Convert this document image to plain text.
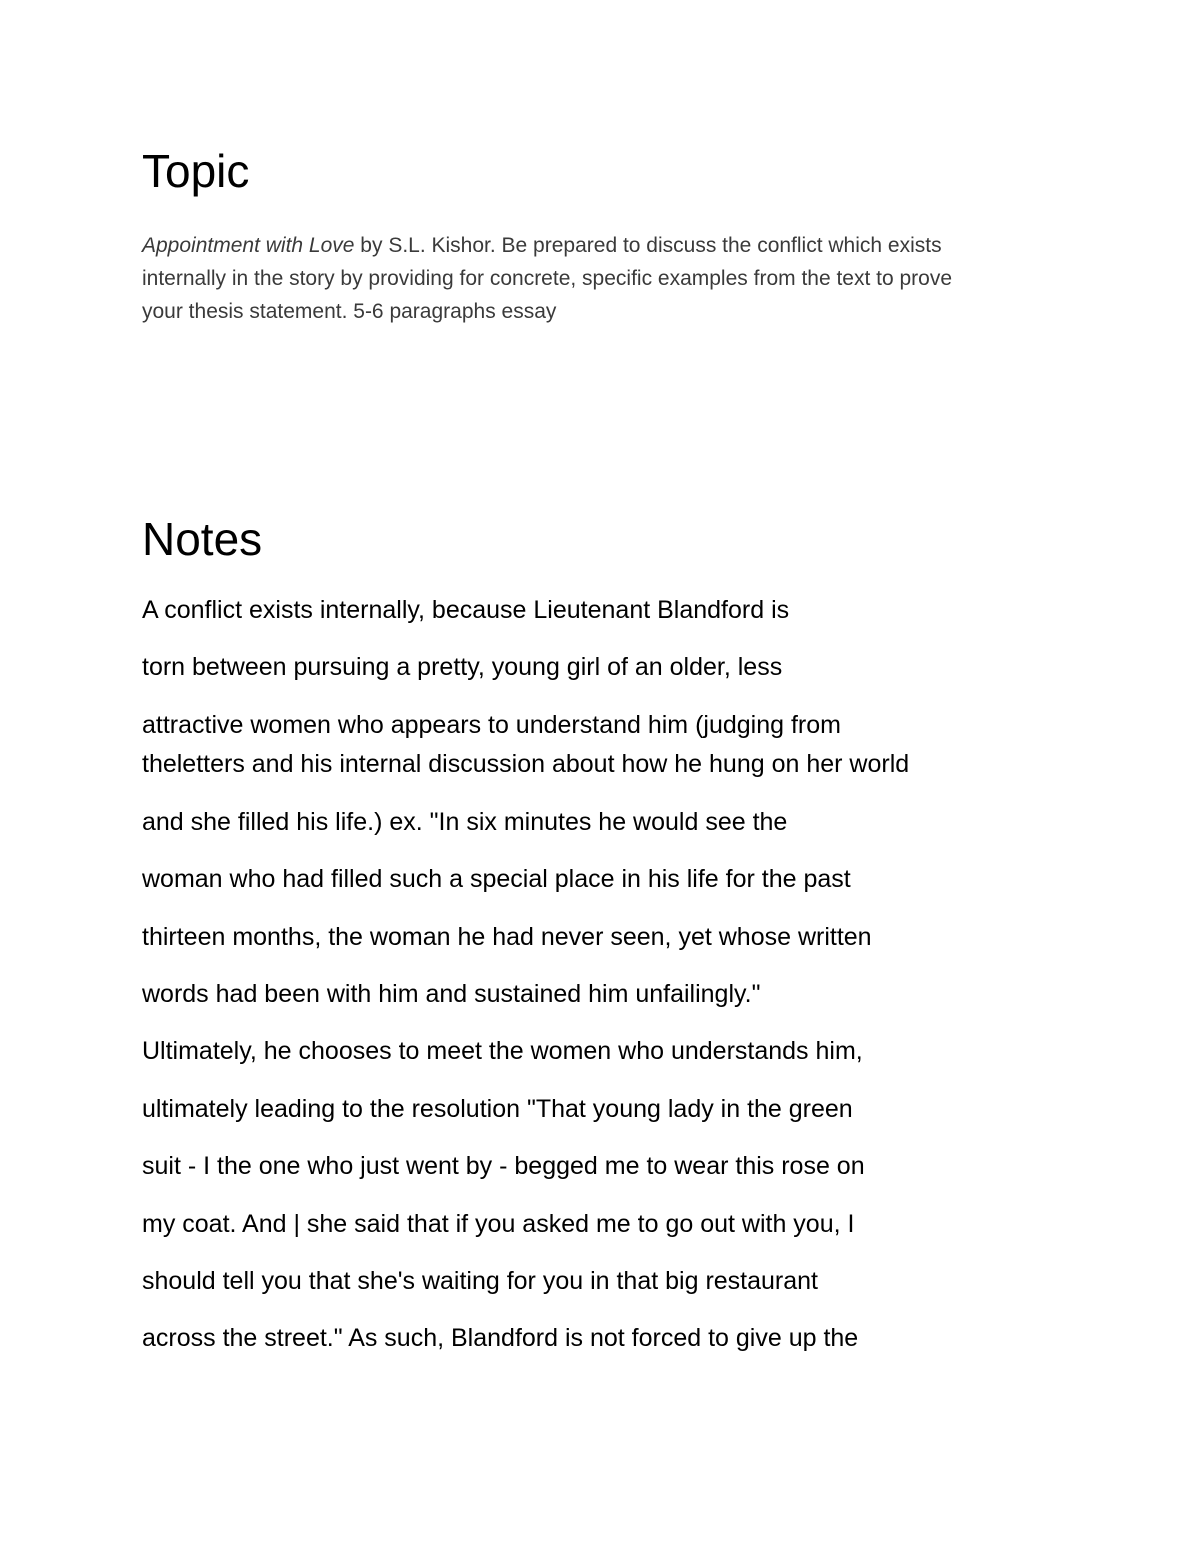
Topic

Appointment with Love by S.L. Kishor. Be prepared to discuss the conflict which exists
internally in the story by providing for concrete, specific examples from the text to prove
your thesis statement. 5-6 paragraphs essay

Notes

A conflict exists internally, because Lieutenant Blandford is

torn between pursuing a pretty, young girl of an older, less

attractive women who appears to understand him (judging from

theletters and his internal discussion about how he hung on her world

and she filled his life.) ex. "In six minutes he would see the

woman who had filled such a special place in his life for the past

thirteen months, the woman he had never seen, yet whose written

words had been with him and sustained him unfailingly."

Ultimately, he chooses to meet the women who understands him,

ultimately leading to the resolution "That young lady in the green

suit - I the one who just went by - begged me to wear this rose on

my coat. And | she said that if you asked me to go out with you, I

should tell you that she's waiting for you in that big restaurant

across the street." As such, Blandford is not forced to give up the
